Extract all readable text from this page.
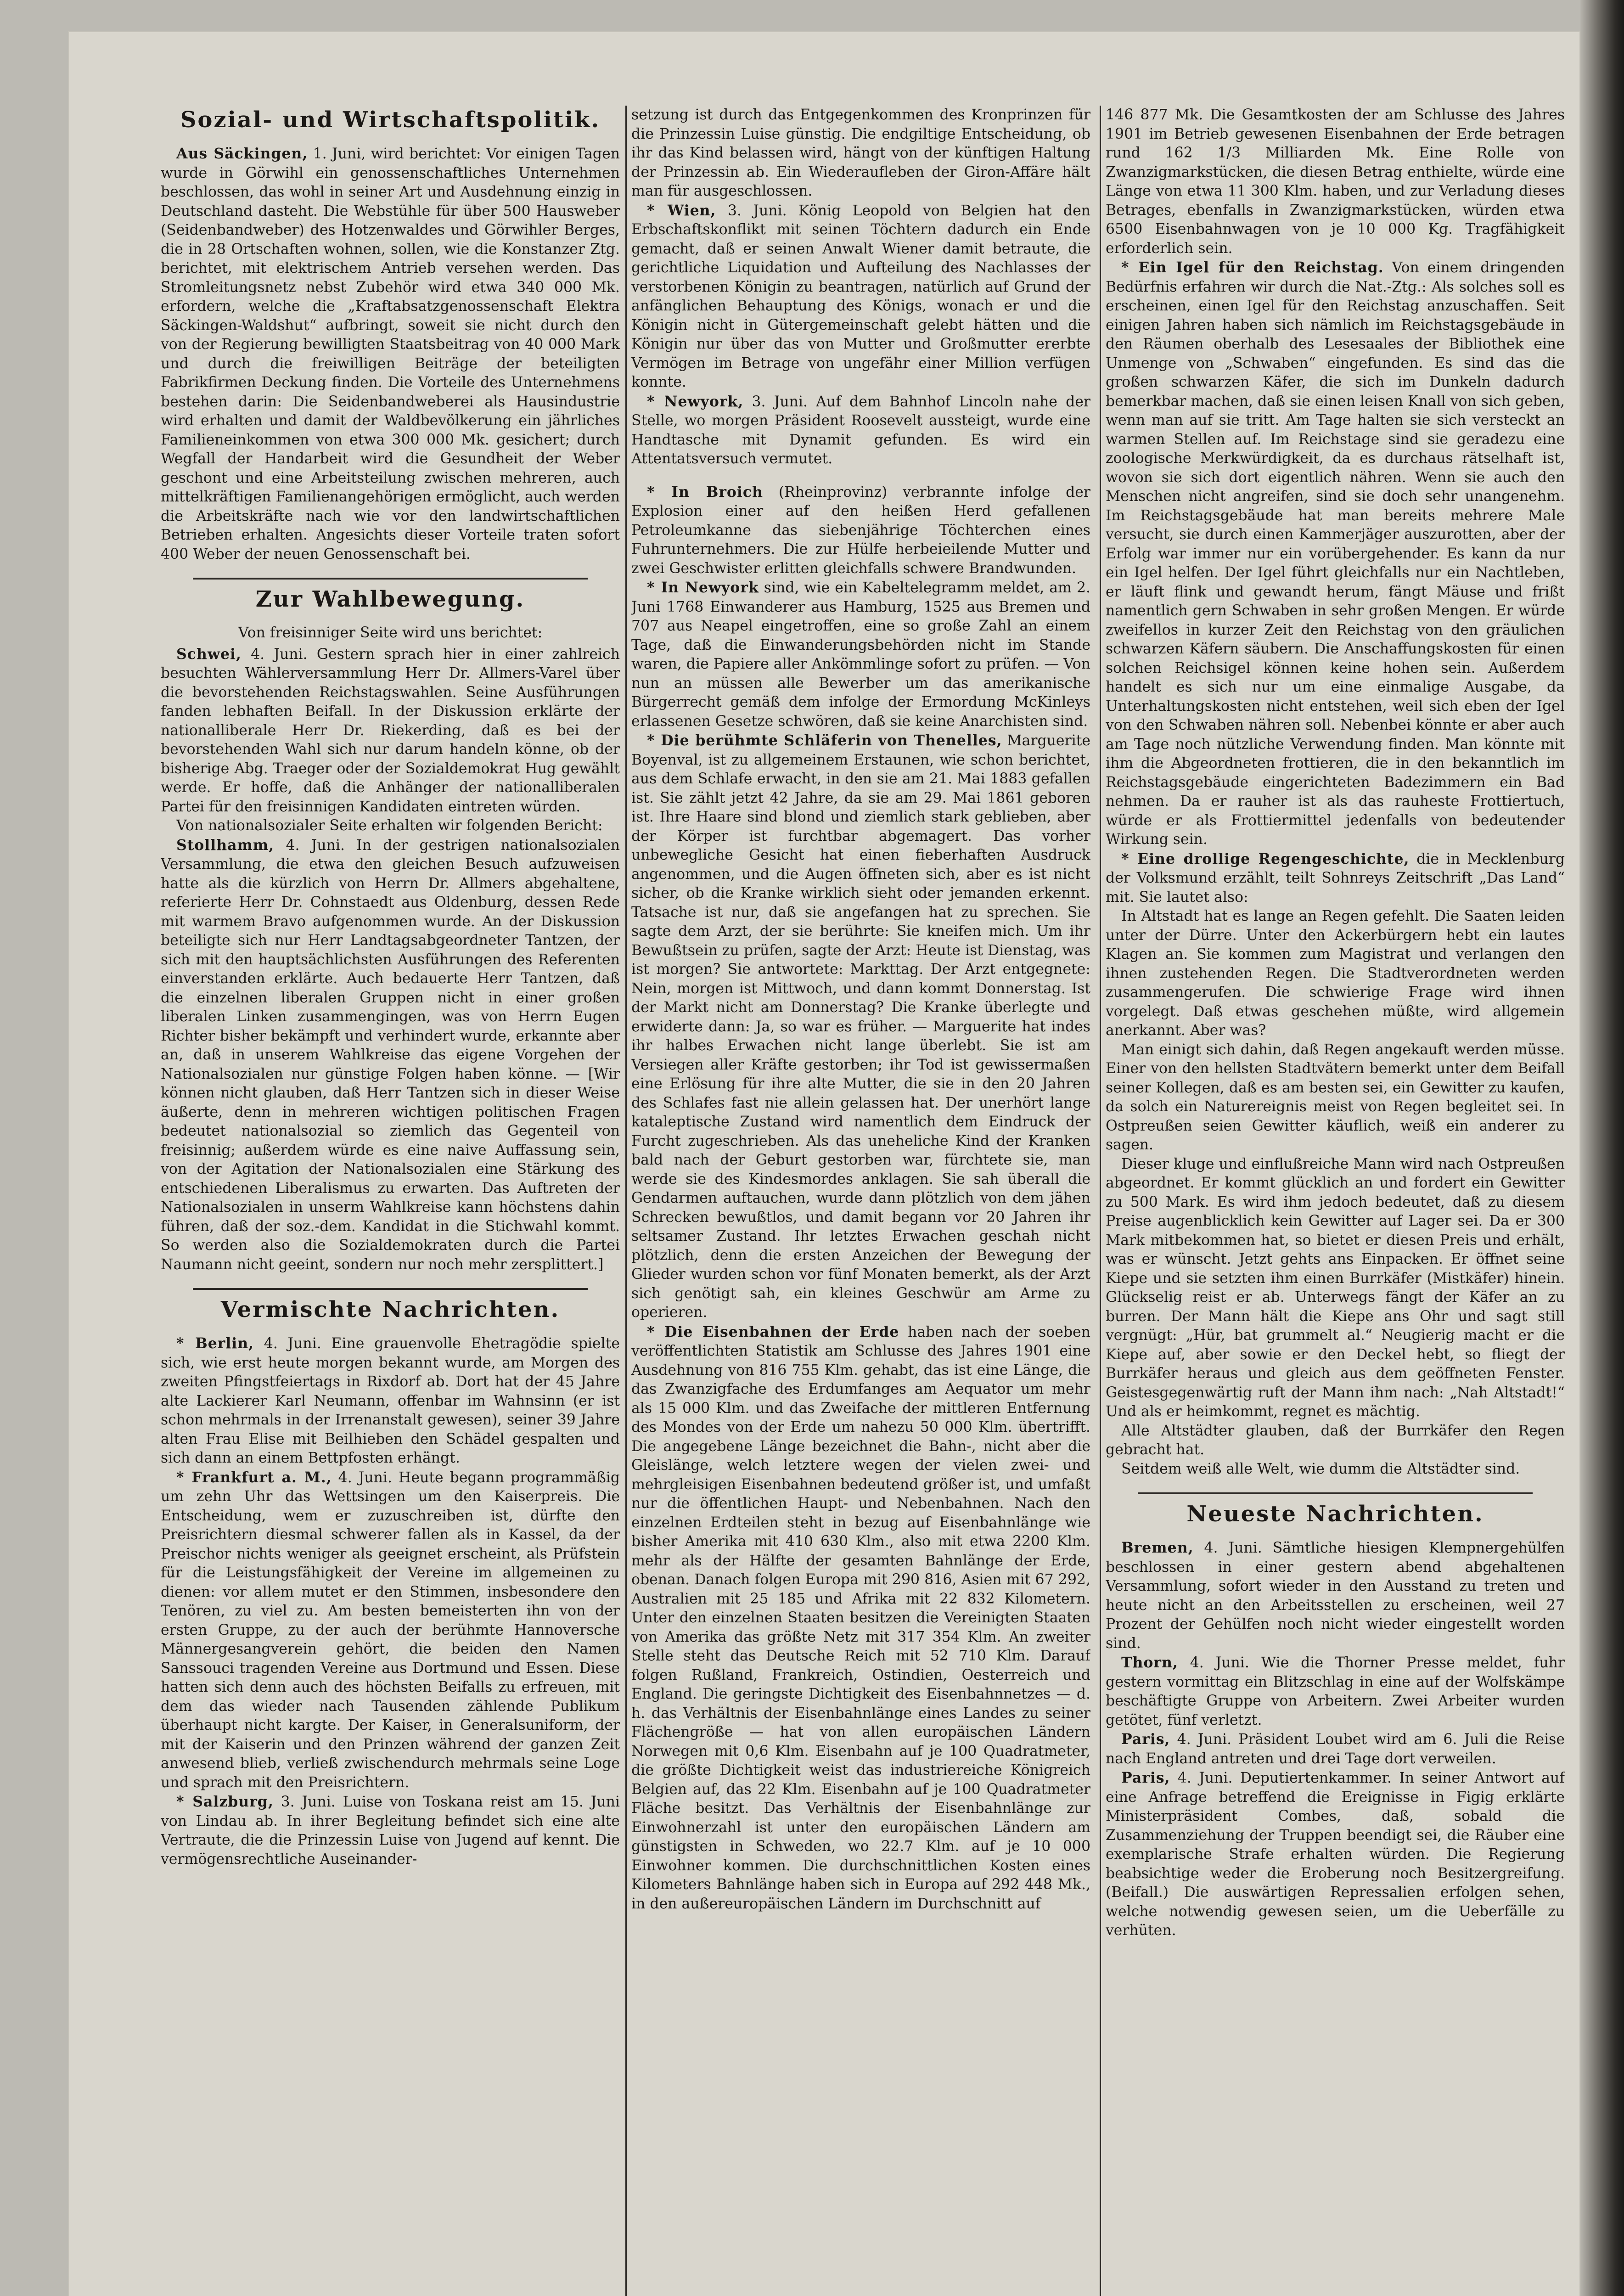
Sozial- und Wirtschaftspolitik.
Aus Säckingen, 1. Juni, wird berichtet: Vor einigen Tagen wurde in Görwihl ein genossenschaftliches Unternehmen beschlossen, das wohl in seiner Art und Ausdehnung einzig in Deutschland dasteht. Die Webstühle für über 500 Hausweber (Seidenbandweber) des Hotzenwaldes und Görwihler Berges, die in 28 Ortschaften wohnen, sollen, wie die Konstanzer Ztg. berichtet, mit elektrischem Antrieb versehen werden. Das Stromleitungsnetz nebst Zubehör wird etwa 340 000 Mk. erfordern, welche die „Kraftabsatzgenossenschaft Elektra Säckingen-Waldshut“ aufbringt, soweit sie nicht durch den von der Regierung bewilligten Staatsbeitrag von 40 000 Mark und durch die freiwilligen Beiträge der beteiligten Fabrikfirmen Deckung finden. Die Vorteile des Unternehmens bestehen darin: Die Seidenbandweberei als Hausindustrie wird erhalten und damit der Waldbevölkerung ein jährliches Familieneinkommen von etwa 300 000 Mk. gesichert; durch Wegfall der Handarbeit wird die Gesundheit der Weber geschont und eine Arbeitsteilung zwischen mehreren, auch mittelkräftigen Familienangehörigen ermöglicht, auch werden die Arbeitskräfte nach wie vor den landwirtschaftlichen Betrieben erhalten. Angesichts dieser Vorteile traten sofort 400 Weber der neuen Genossenschaft bei.
Zur Wahlbewegung.
Von freisinniger Seite wird uns berichtet:
Schwei, 4. Juni. Gestern sprach hier in einer zahlreich besuchten Wählerversammlung Herr Dr. Allmers-Varel über die bevorstehenden Reichstagswahlen. Seine Ausführungen fanden lebhaften Beifall. In der Diskussion erklärte der nationalliberale Herr Dr. Riekerding, daß es bei der bevorstehenden Wahl sich nur darum handeln könne, ob der bisherige Abg. Traeger oder der Sozialdemokrat Hug gewählt werde. Er hoffe, daß die Anhänger der nationalliberalen Partei für den freisinnigen Kandidaten eintreten würden.
Von nationalsozialer Seite erhalten wir folgenden Bericht:
Stollhamm, 4. Juni. In der gestrigen nationalsozialen Versammlung, die etwa den gleichen Besuch aufzuweisen hatte als die kürzlich von Herrn Dr. Allmers abgehaltene, referierte Herr Dr. Cohnstaedt aus Oldenburg, dessen Rede mit warmem Bravo aufgenommen wurde. An der Diskussion beteiligte sich nur Herr Landtagsabgeordneter Tantzen, der sich mit den hauptsächlichsten Ausführungen des Referenten einverstanden erklärte. Auch bedauerte Herr Tantzen, daß die einzelnen liberalen Gruppen nicht in einer großen liberalen Linken zusammengingen, was von Herrn Eugen Richter bisher bekämpft und verhindert wurde, erkannte aber an, daß in unserem Wahlkreise das eigene Vorgehen der Nationalsozialen nur günstige Folgen haben könne. — [Wir können nicht glauben, daß Herr Tantzen sich in dieser Weise äußerte, denn in mehreren wichtigen politischen Fragen bedeutet nationalsozial so ziemlich das Gegenteil von freisinnig; außerdem würde es eine naive Auffassung sein, von der Agitation der Nationalsozialen eine Stärkung des entschiedenen Liberalismus zu erwarten. Das Auftreten der Nationalsozialen in unserm Wahlkreise kann höchstens dahin führen, daß der soz.-dem. Kandidat in die Stichwahl kommt. So werden also die Sozialdemokraten durch die Partei Naumann nicht geeint, sondern nur noch mehr zersplittert.]
Vermischte Nachrichten.
* Berlin, 4. Juni. Eine grauenvolle Ehetragödie spielte sich, wie erst heute morgen bekannt wurde, am Morgen des zweiten Pfingstfeiertags in Rixdorf ab. Dort hat der 45 Jahre alte Lackierer Karl Neumann, offenbar im Wahnsinn (er ist schon mehrmals in der Irrenanstalt gewesen), seiner 39 Jahre alten Frau Elise mit Beilhieben den Schädel gespalten und sich dann an einem Bettpfosten erhängt.
* Frankfurt a. M., 4. Juni. Heute begann programmäßig um zehn Uhr das Wettsingen um den Kaiserpreis. Die Entscheidung, wem er zuzuschreiben ist, dürfte den Preisrichtern diesmal schwerer fallen als in Kassel, da der Preischor nichts weniger als geeignet erscheint, als Prüfstein für die Leistungsfähigkeit der Vereine im allgemeinen zu dienen: vor allem mutet er den Stimmen, insbesondere den Tenören, zu viel zu. Am besten bemeisterten ihn von der ersten Gruppe, zu der auch der berühmte Hannoversche Männergesangverein gehört, die beiden den Namen Sanssouci tragenden Vereine aus Dortmund und Essen. Diese hatten sich denn auch des höchsten Beifalls zu erfreuen, mit dem das wieder nach Tausenden zählende Publikum überhaupt nicht kargte. Der Kaiser, in Generalsuniform, der mit der Kaiserin und den Prinzen während der ganzen Zeit anwesend blieb, verließ zwischendurch mehrmals seine Loge und sprach mit den Preisrichtern.
* Salzburg, 3. Juni. Luise von Toskana reist am 15. Juni von Lindau ab. In ihrer Begleitung befindet sich eine alte Vertraute, die die Prinzessin Luise von Jugend auf kennt. Die vermögensrechtliche Auseinander-
setzung ist durch das Entgegenkommen des Kronprinzen für die Prinzessin Luise günstig. Die endgiltige Entscheidung, ob ihr das Kind belassen wird, hängt von der künftigen Haltung der Prinzessin ab. Ein Wiederaufleben der Giron-Affäre hält man für ausgeschlossen.
* Wien, 3. Juni. König Leopold von Belgien hat den Erbschaftskonflikt mit seinen Töchtern dadurch ein Ende gemacht, daß er seinen Anwalt Wiener damit betraute, die gerichtliche Liquidation und Aufteilung des Nachlasses der verstorbenen Königin zu beantragen, natürlich auf Grund der anfänglichen Behauptung des Königs, wonach er und die Königin nicht in Gütergemeinschaft gelebt hätten und die Königin nur über das von Mutter und Großmutter ererbte Vermögen im Betrage von ungefähr einer Million verfügen konnte.
* Newyork, 3. Juni. Auf dem Bahnhof Lincoln nahe der Stelle, wo morgen Präsident Roosevelt aussteigt, wurde eine Handtasche mit Dynamit gefunden. Es wird ein Attentatsversuch vermutet.
* In Broich (Rheinprovinz) verbrannte infolge der Explosion einer auf den heißen Herd gefallenen Petroleumkanne das siebenjährige Töchterchen eines Fuhrunternehmers. Die zur Hülfe herbeieilende Mutter und zwei Geschwister erlitten gleichfalls schwere Brandwunden.
* In Newyork sind, wie ein Kabeltelegramm meldet, am 2. Juni 1768 Einwanderer aus Hamburg, 1525 aus Bremen und 707 aus Neapel eingetroffen, eine so große Zahl an einem Tage, daß die Einwanderungsbehörden nicht im Stande waren, die Papiere aller Ankömmlinge sofort zu prüfen. — Von nun an müssen alle Bewerber um das amerikanische Bürgerrecht gemäß dem infolge der Ermordung McKinleys erlassenen Gesetze schwören, daß sie keine Anarchisten sind.
* Die berühmte Schläferin von Thenelles, Marguerite Boyenval, ist zu allgemeinem Erstaunen, wie schon berichtet, aus dem Schlafe erwacht, in den sie am 21. Mai 1883 gefallen ist. Sie zählt jetzt 42 Jahre, da sie am 29. Mai 1861 geboren ist. Ihre Haare sind blond und ziemlich stark geblieben, aber der Körper ist furchtbar abgemagert. Das vorher unbewegliche Gesicht hat einen fieberhaften Ausdruck angenommen, und die Augen öffneten sich, aber es ist nicht sicher, ob die Kranke wirklich sieht oder jemanden erkennt. Tatsache ist nur, daß sie angefangen hat zu sprechen. Sie sagte dem Arzt, der sie berührte: Sie kneifen mich. Um ihr Bewußtsein zu prüfen, sagte der Arzt: Heute ist Dienstag, was ist morgen? Sie antwortete: Markttag. Der Arzt entgegnete: Nein, morgen ist Mittwoch, und dann kommt Donnerstag. Ist der Markt nicht am Donnerstag? Die Kranke überlegte und erwiderte dann: Ja, so war es früher. — Marguerite hat indes ihr halbes Erwachen nicht lange überlebt. Sie ist am Versiegen aller Kräfte gestorben; ihr Tod ist gewissermaßen eine Erlösung für ihre alte Mutter, die sie in den 20 Jahren des Schlafes fast nie allein gelassen hat. Der unerhört lange kataleptische Zustand wird namentlich dem Eindruck der Furcht zugeschrieben. Als das uneheliche Kind der Kranken bald nach der Geburt gestorben war, fürchtete sie, man werde sie des Kindesmordes anklagen. Sie sah überall die Gendarmen auftauchen, wurde dann plötzlich von dem jähen Schrecken bewußtlos, und damit begann vor 20 Jahren ihr seltsamer Zustand. Ihr letztes Erwachen geschah nicht plötzlich, denn die ersten Anzeichen der Bewegung der Glieder wurden schon vor fünf Monaten bemerkt, als der Arzt sich genötigt sah, ein kleines Geschwür am Arme zu operieren.
* Die Eisenbahnen der Erde haben nach der soeben veröffentlichten Statistik am Schlusse des Jahres 1901 eine Ausdehnung von 816 755 Klm. gehabt, das ist eine Länge, die das Zwanzigfache des Erdumfanges am Aequator um mehr als 15 000 Klm. und das Zweifache der mittleren Entfernung des Mondes von der Erde um nahezu 50 000 Klm. übertrifft. Die angegebene Länge bezeichnet die Bahn-, nicht aber die Gleislänge, welch letztere wegen der vielen zwei- und mehrgleisigen Eisenbahnen bedeutend größer ist, und umfaßt nur die öffentlichen Haupt- und Nebenbahnen. Nach den einzelnen Erdteilen steht in bezug auf Eisenbahnlänge wie bisher Amerika mit 410 630 Klm., also mit etwa 2200 Klm. mehr als der Hälfte der gesamten Bahnlänge der Erde, obenan. Danach folgen Europa mit 290 816, Asien mit 67 292, Australien mit 25 185 und Afrika mit 22 832 Kilometern. Unter den einzelnen Staaten besitzen die Vereinigten Staaten von Amerika das größte Netz mit 317 354 Klm. An zweiter Stelle steht das Deutsche Reich mit 52 710 Klm. Darauf folgen Rußland, Frankreich, Ostindien, Oesterreich und England. Die geringste Dichtigkeit des Eisenbahnnetzes — d. h. das Verhältnis der Eisenbahnlänge eines Landes zu seiner Flächengröße — hat von allen europäischen Ländern Norwegen mit 0,6 Klm. Eisenbahn auf je 100 Quadratmeter, die größte Dichtigkeit weist das industriereiche Königreich Belgien auf, das 22 Klm. Eisenbahn auf je 100 Quadratmeter Fläche besitzt. Das Verhältnis der Eisenbahnlänge zur Einwohnerzahl ist unter den europäischen Ländern am günstigsten in Schweden, wo 22.7 Klm. auf je 10 000 Einwohner kommen. Die durchschnittlichen Kosten eines Kilometers Bahnlänge haben sich in Europa auf 292 448 Mk., in den außereuropäischen Ländern im Durchschnitt auf
146 877 Mk. Die Gesamtkosten der am Schlusse des Jahres 1901 im Betrieb gewesenen Eisenbahnen der Erde betragen rund 162 1/3 Milliarden Mk. Eine Rolle von Zwanzigmarkstücken, die diesen Betrag enthielte, würde eine Länge von etwa 11 300 Klm. haben, und zur Verladung dieses Betrages, ebenfalls in Zwanzigmarkstücken, würden etwa 6500 Eisenbahnwagen von je 10 000 Kg. Tragfähigkeit erforderlich sein.
* Ein Igel für den Reichstag. Von einem dringenden Bedürfnis erfahren wir durch die Nat.-Ztg.: Als solches soll es erscheinen, einen Igel für den Reichstag anzuschaffen. Seit einigen Jahren haben sich nämlich im Reichstagsgebäude in den Räumen oberhalb des Lesesaales der Bibliothek eine Unmenge von „Schwaben“ eingefunden. Es sind das die großen schwarzen Käfer, die sich im Dunkeln dadurch bemerkbar machen, daß sie einen leisen Knall von sich geben, wenn man auf sie tritt. Am Tage halten sie sich versteckt an warmen Stellen auf. Im Reichstage sind sie geradezu eine zoologische Merkwürdigkeit, da es durchaus rätselhaft ist, wovon sie sich dort eigentlich nähren. Wenn sie auch den Menschen nicht angreifen, sind sie doch sehr unangenehm. Im Reichstagsgebäude hat man bereits mehrere Male versucht, sie durch einen Kammerjäger auszurotten, aber der Erfolg war immer nur ein vorübergehender. Es kann da nur ein Igel helfen. Der Igel führt gleichfalls nur ein Nachtleben, er läuft flink und gewandt herum, fängt Mäuse und frißt namentlich gern Schwaben in sehr großen Mengen. Er würde zweifellos in kurzer Zeit den Reichstag von den gräulichen schwarzen Käfern säubern. Die Anschaffungskosten für einen solchen Reichsigel können keine hohen sein. Außerdem handelt es sich nur um eine einmalige Ausgabe, da Unterhaltungskosten nicht entstehen, weil sich eben der Igel von den Schwaben nähren soll. Nebenbei könnte er aber auch am Tage noch nützliche Verwendung finden. Man könnte mit ihm die Abgeordneten frottieren, die in den bekanntlich im Reichstagsgebäude eingerichteten Badezimmern ein Bad nehmen. Da er rauher ist als das rauheste Frottiertuch, würde er als Frottiermittel jedenfalls von bedeutender Wirkung sein.
* Eine drollige Regengeschichte, die in Mecklenburg der Volksmund erzählt, teilt Sohnreys Zeitschrift „Das Land“ mit. Sie lautet also:
In Altstadt hat es lange an Regen gefehlt. Die Saaten leiden unter der Dürre. Unter den Ackerbürgern hebt ein lautes Klagen an. Sie kommen zum Magistrat und verlangen den ihnen zustehenden Regen. Die Stadtverordneten werden zusammengerufen. Die schwierige Frage wird ihnen vorgelegt. Daß etwas geschehen müßte, wird allgemein anerkannt. Aber was?
Man einigt sich dahin, daß Regen angekauft werden müsse. Einer von den hellsten Stadtvätern bemerkt unter dem Beifall seiner Kollegen, daß es am besten sei, ein Gewitter zu kaufen, da solch ein Naturereignis meist von Regen begleitet sei. In Ostpreußen seien Gewitter käuflich, weiß ein anderer zu sagen.
Dieser kluge und einflußreiche Mann wird nach Ostpreußen abgeordnet. Er kommt glücklich an und fordert ein Gewitter zu 500 Mark. Es wird ihm jedoch bedeutet, daß zu diesem Preise augenblicklich kein Gewitter auf Lager sei. Da er 300 Mark mitbekommen hat, so bietet er diesen Preis und erhält, was er wünscht. Jetzt gehts ans Einpacken. Er öffnet seine Kiepe und sie setzten ihm einen Burrkäfer (Mistkäfer) hinein. Glückselig reist er ab. Unterwegs fängt der Käfer an zu burren. Der Mann hält die Kiepe ans Ohr und sagt still vergnügt: „Hür, bat grummelt al.“ Neugierig macht er die Kiepe auf, aber sowie er den Deckel hebt, so fliegt der Burrkäfer heraus und gleich aus dem geöffneten Fenster. Geistesgegenwärtig ruft der Mann ihm nach: „Nah Altstadt!“ Und als er heimkommt, regnet es mächtig.
Alle Altstädter glauben, daß der Burrkäfer den Regen gebracht hat.
Seitdem weiß alle Welt, wie dumm die Altstädter sind.
Neueste Nachrichten.
Bremen, 4. Juni. Sämtliche hiesigen Klempnergehülfen beschlossen in einer gestern abend abgehaltenen Versammlung, sofort wieder in den Ausstand zu treten und heute nicht an den Arbeitsstellen zu erscheinen, weil 27 Prozent der Gehülfen noch nicht wieder eingestellt worden sind.
Thorn, 4. Juni. Wie die Thorner Presse meldet, fuhr gestern vormittag ein Blitzschlag in eine auf der Wolfskämpe beschäftigte Gruppe von Arbeitern. Zwei Arbeiter wurden getötet, fünf verletzt.
Paris, 4. Juni. Präsident Loubet wird am 6. Juli die Reise nach England antreten und drei Tage dort verweilen.
Paris, 4. Juni. Deputiertenkammer. In seiner Antwort auf eine Anfrage betreffend die Ereignisse in Figig erklärte Ministerpräsident Combes, daß, sobald die Zusammenziehung der Truppen beendigt sei, die Räuber eine exemplarische Strafe erhalten würden. Die Regierung beabsichtige weder die Eroberung noch Besitzergreifung. (Beifall.) Die auswärtigen Repressalien erfolgen sehen, welche notwendig gewesen seien, um die Ueberfälle zu verhüten.
